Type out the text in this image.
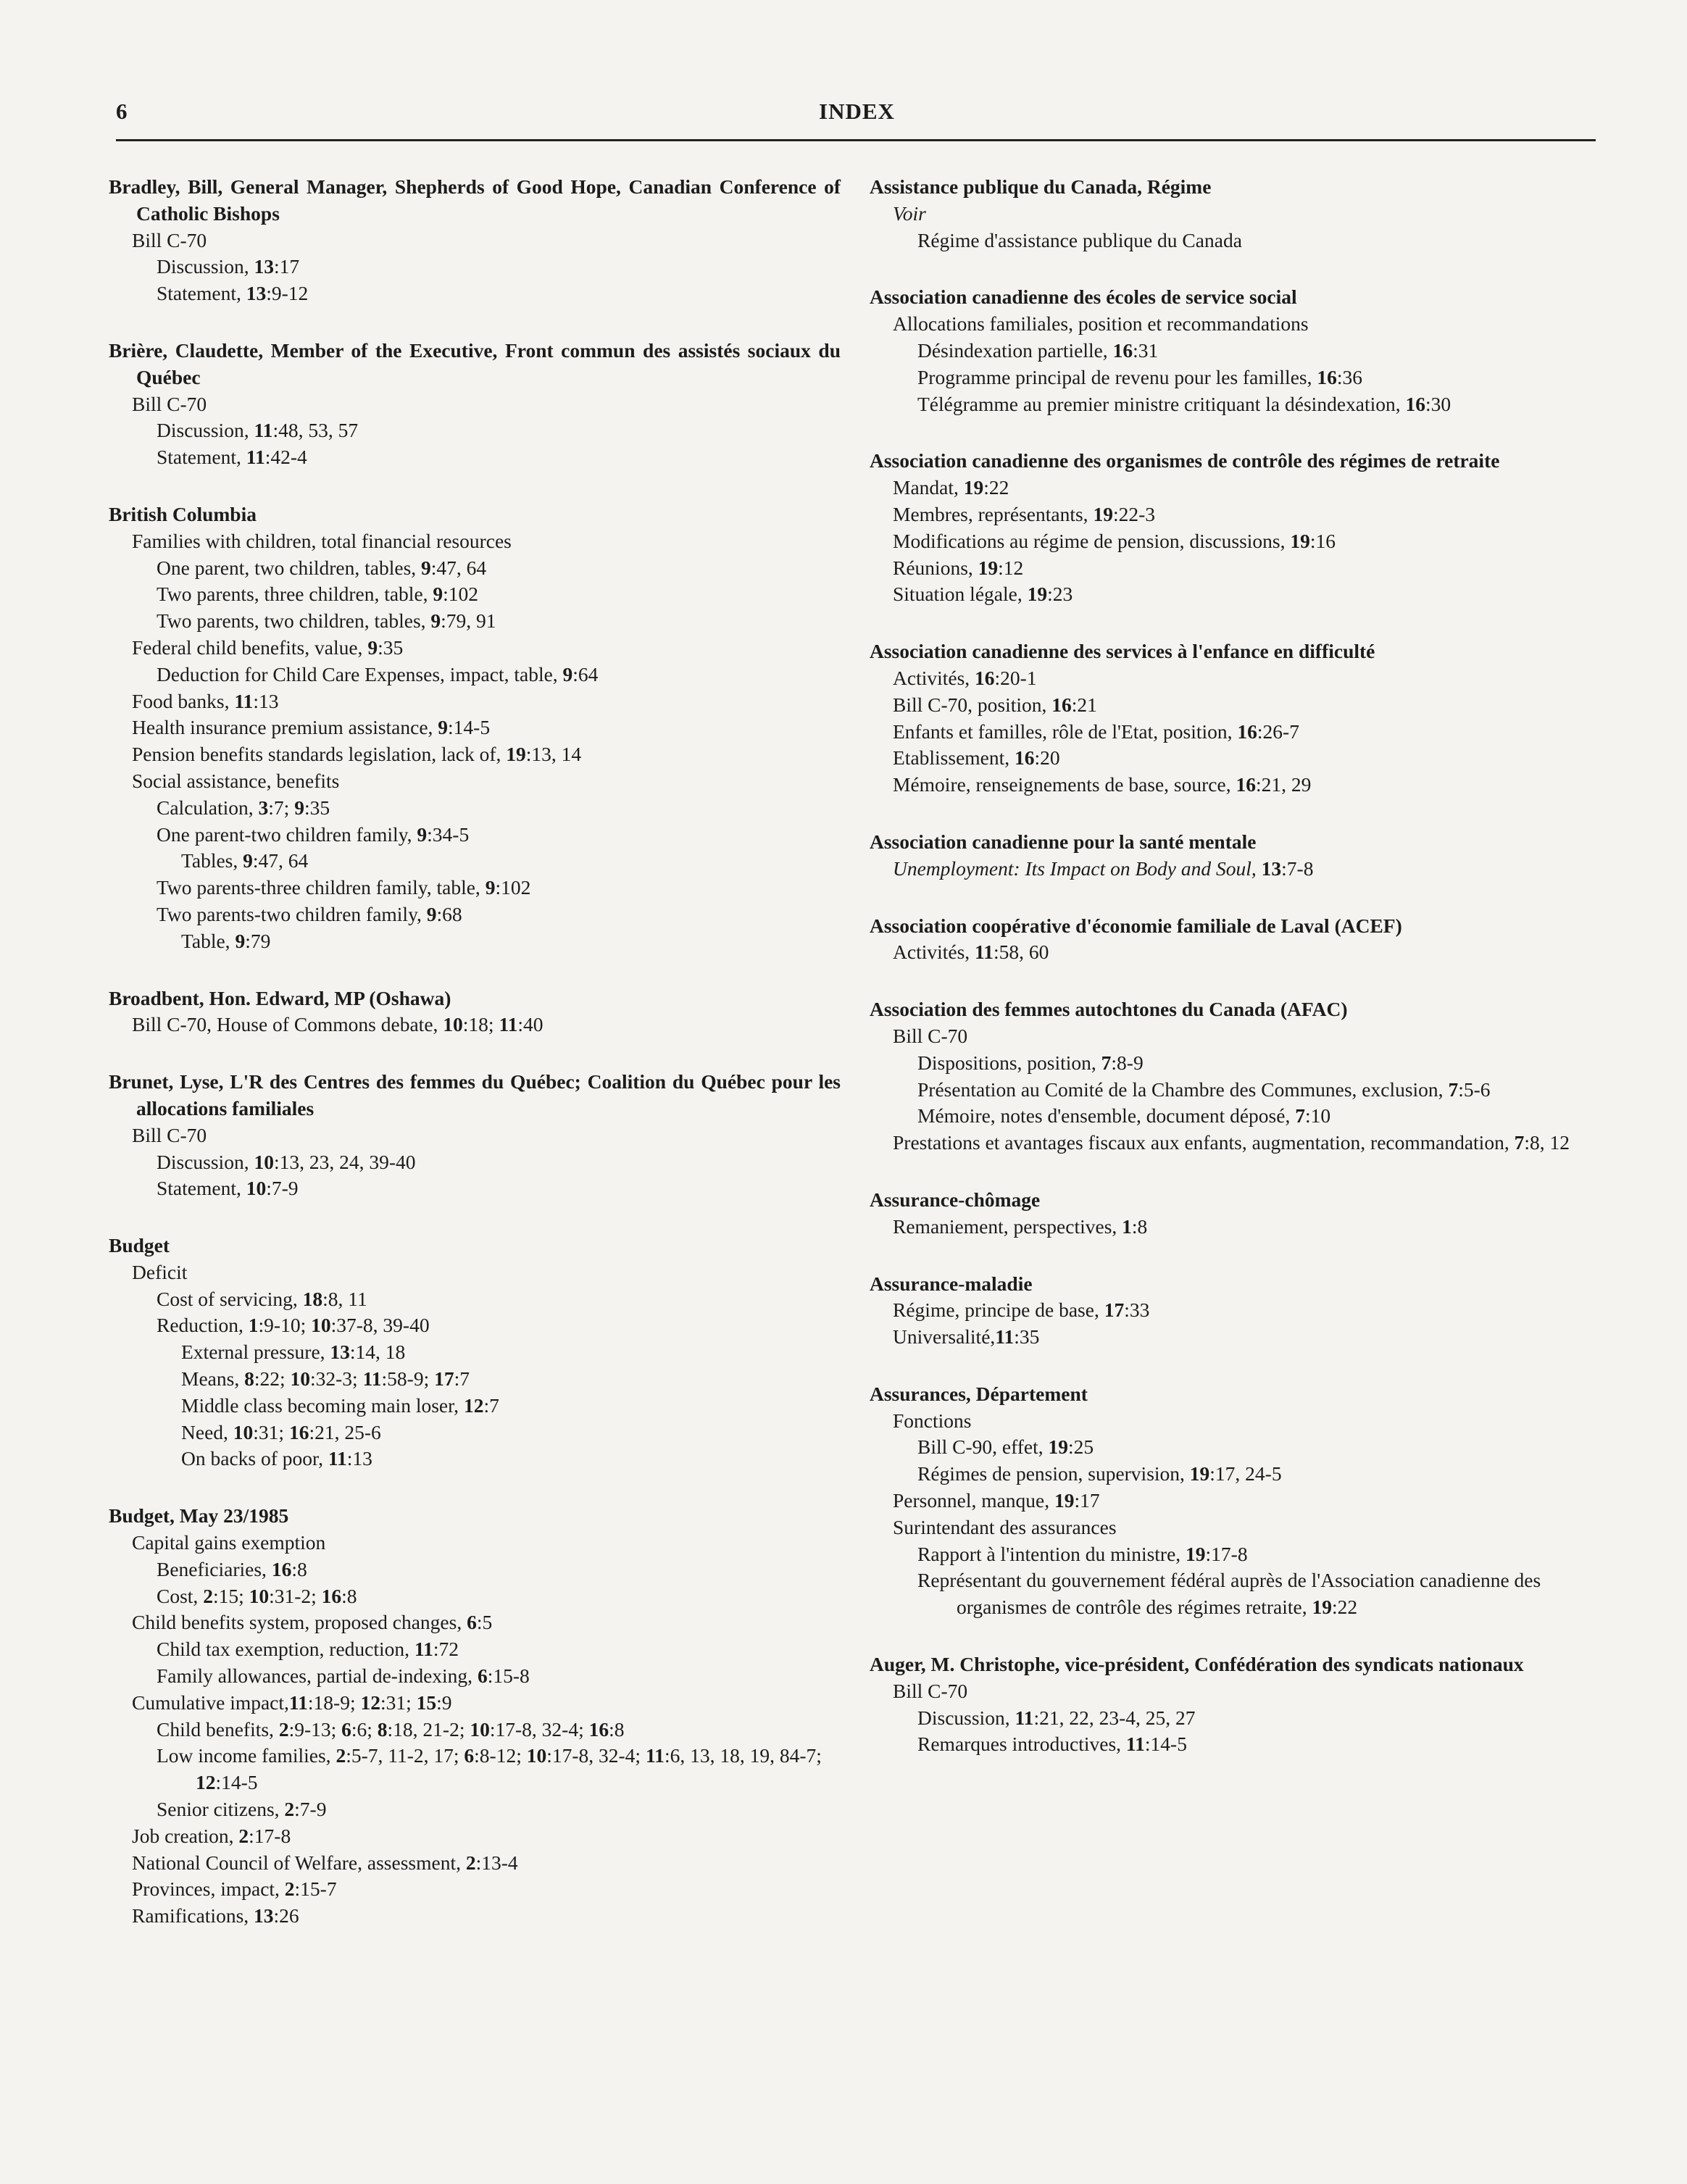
6	INDEX
Bradley, Bill, General Manager, Shepherds of Good Hope, Canadian Conference of Catholic Bishops
Bill C-70
Discussion, 13:17
Statement, 13:9-12
Brière, Claudette, Member of the Executive, Front commun des assistés sociaux du Québec
Bill C-70
Discussion, 11:48, 53, 57
Statement, 11:42-4
British Columbia
Families with children, total financial resources
One parent, two children, tables, 9:47, 64
Two parents, three children, table, 9:102
Two parents, two children, tables, 9:79, 91
Federal child benefits, value, 9:35
Deduction for Child Care Expenses, impact, table, 9:64
Food banks, 11:13
Health insurance premium assistance, 9:14-5
Pension benefits standards legislation, lack of, 19:13, 14
Social assistance, benefits
Calculation, 3:7; 9:35
One parent-two children family, 9:34-5
Tables, 9:47, 64
Two parents-three children family, table, 9:102
Two parents-two children family, 9:68
Table, 9:79
Broadbent, Hon. Edward, MP (Oshawa)
Bill C-70, House of Commons debate, 10:18; 11:40
Brunet, Lyse, L'R des Centres des femmes du Québec; Coalition du Québec pour les allocations familiales
Bill C-70
Discussion, 10:13, 23, 24, 39-40
Statement, 10:7-9
Budget
Deficit
Cost of servicing, 18:8, 11
Reduction, 1:9-10; 10:37-8, 39-40
External pressure, 13:14, 18
Means, 8:22; 10:32-3; 11:58-9; 17:7
Middle class becoming main loser, 12:7
Need, 10:31; 16:21, 25-6
On backs of poor, 11:13
Budget, May 23/1985
Capital gains exemption
Beneficiaries, 16:8
Cost, 2:15; 10:31-2; 16:8
Child benefits system, proposed changes, 6:5
Child tax exemption, reduction, 11:72
Family allowances, partial de-indexing, 6:15-8
Cumulative impact,11:18-9; 12:31; 15:9
Child benefits, 2:9-13; 6:6; 8:18, 21-2; 10:17-8, 32-4; 16:8
Low income families, 2:5-7, 11-2, 17; 6:8-12; 10:17-8, 32-4; 11:6, 13, 18, 19, 84-7; 12:14-5
Senior citizens, 2:7-9
Job creation, 2:17-8
National Council of Welfare, assessment, 2:13-4
Provinces, impact, 2:15-7
Ramifications, 13:26
Assistance publique du Canada, Régime
Voir
Régime d'assistance publique du Canada
Association canadienne des écoles de service social
Allocations familiales, position et recommandations
Désindexation partielle, 16:31
Programme principal de revenu pour les familles, 16:36
Télégramme au premier ministre critiquant la désindexation, 16:30
Association canadienne des organismes de contrôle des régimes de retraite
Mandat, 19:22
Membres, représentants, 19:22-3
Modifications au régime de pension, discussions, 19:16
Réunions, 19:12
Situation légale, 19:23
Association canadienne des services à l'enfance en difficulté
Activités, 16:20-1
Bill C-70, position, 16:21
Enfants et familles, rôle de l'Etat, position, 16:26-7
Etablissement, 16:20
Mémoire, renseignements de base, source, 16:21, 29
Association canadienne pour la santé mentale
Unemployment: Its Impact on Body and Soul, 13:7-8
Association coopérative d'économie familiale de Laval (ACEF)
Activités, 11:58, 60
Association des femmes autochtones du Canada (AFAC)
Bill C-70
Dispositions, position, 7:8-9
Présentation au Comité de la Chambre des Communes, exclusion, 7:5-6
Mémoire, notes d'ensemble, document déposé, 7:10
Prestations et avantages fiscaux aux enfants, augmentation, recommandation, 7:8, 12
Assurance-chômage
Remaniement, perspectives, 1:8
Assurance-maladie
Régime, principe de base, 17:33
Universalité,11:35
Assurances, Département
Fonctions
Bill C-90, effet, 19:25
Régimes de pension, supervision, 19:17, 24-5
Personnel, manque, 19:17
Surintendant des assurances
Rapport à l'intention du ministre, 19:17-8
Représentant du gouvernement fédéral auprès de l'Association canadienne des organismes de contrôle des régimes retraite, 19:22
Auger, M. Christophe, vice-président, Confédération des syndicats nationaux
Bill C-70
Discussion, 11:21, 22, 23-4, 25, 27
Remarques introductives, 11:14-5
